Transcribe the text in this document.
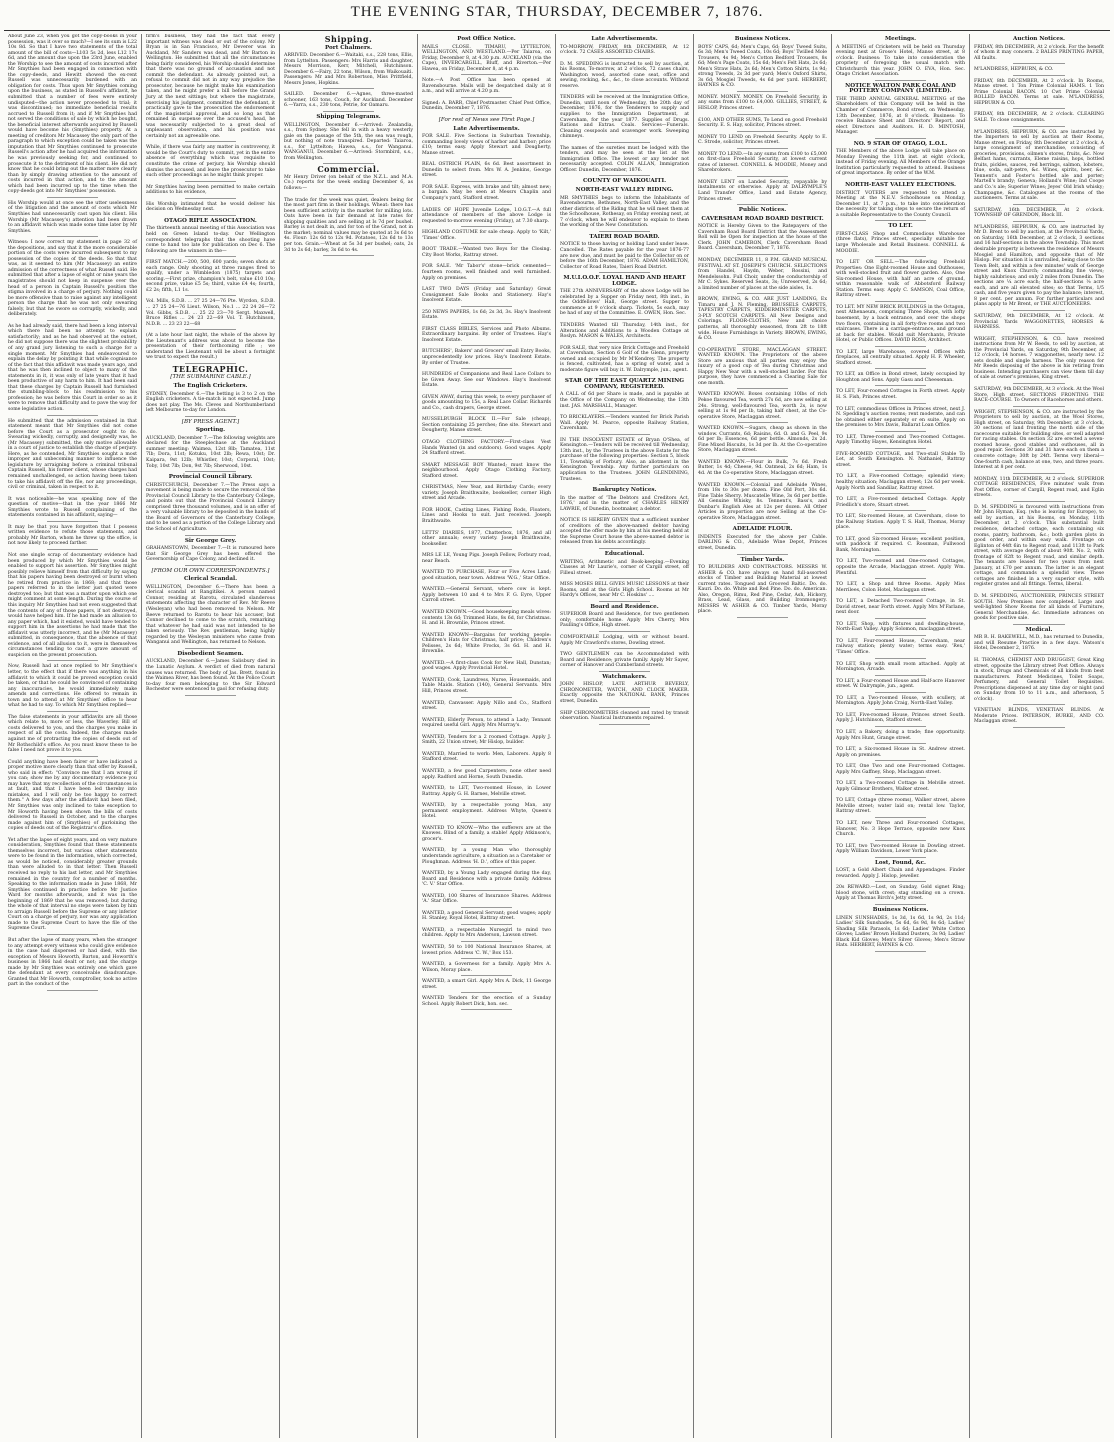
THE EVENING STAR, THURSDAY, DECEMBER 7, 1876.
About June 23, when you got the copy-books in your possession, was it over so much?—I see its sum is L22 10s 8d. So that I have two statements of the total amount of the bill of costs—L103 5s 2d, less L12 17s 6d, and the amount due upon the 23rd June, enabled the Worship to see the amount of costs incurred after Mr Smythies had been engaged in connection with the copy-deeds, and Hewitt showed the ex-rent Russell was unnecessarily burdened with an obligation for costs. Thus upon Mr Smythies coming upon the business, as stated in Russell's affidavit, he submitted that a number of fees were entirely undisputed—the action never proceeded to trial; it was discontinued; no immediate beneficial results accrued to Russell from it; and if Mr Smythies had not served the conditions of sale by which he bought, the beneficial interest afterwards acquired by Russell would have become his (Smythies) property. At a meeting of creditors Mr Macassey the only part of the paragraph to which exception could be taken was the imputation that Mr Smythies continued to prosecute Russell's action after he had acquired the information he was previously seeking for, and continued to prosecute it to the detriment of his client. He did not know that he could bring out the matter more clearly than by simply drawing attention to the amount of costs incurred in that action, and to the amount which had been incurred up to the time when the copy-deeds got into Mr Smythies' possession.
His Worship would at once see the utter uselessness of the litigation and the amount of costs which Mr Smythies had unnecessarily cast upon his client. His Worship (Mr Macassey's) attention had been drawn to an affidavit which was made some time later by Mr Smythies.
Witness: I now correct my statement in page 32 of the depositions, and say that it the more considerable portion of the costs were incurred subsequent to my possession of the copies of the deeds. So that that was, as it seemed to him (Mr Macassey) an entire admission of the correctness of what Russell said. He submitted that after a lapse of eight or nine years the magistrates should not keep in suspense over the head of a person in Captain Russell's position the stigma involved in a charge of perjury. Nothing could be more offensive than to raise against any intelligent person the charge that he was not only swearing falsely, but that he swore so corruptly, wickedly, and deliberately.
As he had already said, there had been a long interval which there had been no attempt to explain satisfactorily; and as he had observed at the outset, he did not suppose there was the slightest probability of any grand jury listening to such a charge for a single moment. Mr Smythies had endeavoured to explain the delay by pointing it that while cognisance of the fact that this affidavit was made years ago, and that he was then inclined to object to many of the statements in it, it was only of late years that it had been productive of any harm to him. It had been said that these charges by Captain Russell had furnished the stumbling-block to his readmission to his profession; he was before this Court in order so as it were to remove that difficulty and to pave the way for some legislative action.
He submitted that the admission contained in that statement meant that Mr Smythies did not come before the Court as a prosecutor ought to do. Swearing wickedly, corruptly, and designedly was, he (Mr Macassey) submitted, the only motive allowable in a court of justice to establish the charge of perjury. Here, as he contended, Mr Smythies sought a most improper and unbecoming manner to influence the legislature by arraigning before a criminal tribunal Captain Russell, his former client, whose charges had remained unchallenged, so action having been taken to take his affidavit off the file, nor any proceedings, civil or criminal, taken in respect to it.
It was noticeable—he was speaking now of the question of motive—that in the year 1866 Mr Smythies wrote to Russell complaining of the statements contained in his affidavit, saying—
It may be that you have forgotten that I possess written evidence to refute those statements, and probably Mr Barton, whom he threw up the office, is not now likely to proceed farther.
Not one single scrap of documentary evidence had been produced by which Mr Smythies would be enabled to support his assertion. Mr Smythies might possibly relieve himself from that difficulty by saying that his papers having been destroyed or burnt when he retired from practice in 1868; and that those papers referred to in the letter just quoted were destroyed too; but that was a matter upon which one might comment at some length. During the course of this inquiry Mr Smythies had not even suggested that the contents of any of those papers, if not destroyed, would have helped him. If he had made an allusion to any paper which, had it existed, would have tended to support him in the assertions he had made that the affidavit was utterly incorrect, and he (Mr Macassey) submitted, in consequence, that the absence of that evidence, and of all allusion to it, were in themselves circumstances tending to cast a grave amount of suspicion on the present prosecution.
Now, Russell had at once replied to Mr Smythies's letter, to the effect that if there was anything in his affidavit to which it could be proved exception could be taken, or that he could be convinced of containing any inaccuracies, he would immediately make amends and corrections. He offered to remain in town and to attend at Mr Smythies' office to hear what he had to say. To which Mr Smythies replied—
The false statements in your affidavits are all those which relate to, more or less, the Waverley. Bill of costs delivered to you, and the charges you make in respect of all the costs. Indeed, the charges made against me of protracting the copies of deeds out of Mr Rothschild's office. As you must know these to be false I need not prove it to you.
Could anything have been fairer or have indicated a proper motive more clearly than that offer by Russell, who said in effect: "Convince me that I am wrong if you can; show me by any documentary evidence you may have that my recollection of the circumstances is at fault, and that I have been led thereby into mistakes, and I will only be too happy to correct them." A few days after the affidavit had been filed, Mr Smythies was only inclined to take exception to Mr Howorth having been shown the bills of costs delivered to Russell in October, and to the charges made against him of (Smythies) of purloining the copies of deeds out of the Registrar's office.
Yet after the lapse of eight years, and on very mature consideration, Smythies found that these statements themselves incorrect, but various other statements were to be found in the information, which corrected, as would be noticed, considerably greater grounds than were alluded to in that letter. Then Russell received no reply to his last letter, and Mr Smythies remained in the country for a number of months. Speaking to the information made in June 1868, Mr Smythies continued in practice before Mr Justice Ward for months afterwards, and it was in the beginning of 1869 that he was removed; but during the whole of that interval no steps were taken by him to arraign Russell before the Supreme or any inferior Court on a charge of perjury, nor was any application made to the Supreme Court to have the file of the Supreme Court.
But after the lapse of many years, when the stranger to any attempt every witness who could give evidence in the case had dispersed or had died, with the exception of Messrs Howorth, Barton, and Howorth's business in 1866 had dealt or not; and the charge made by Mr Smythies was entirely one which gave the defendant at every conceivable disadvantage. Granted that Mr Howorth, comptroller, took no active part in the conduct of the
firm's business, they had the fact that every important witness was dead or out of the colony. Mr Bryan is in San Francisco, Mr Deverer was in Auckland, Mr Sanders was dead, and Mr Barton in Wellington. He submitted that all the circumstances being fairly considered, his Worship should determine that there was no ground of accusation and not commit the defendant. As already pointed out, a refusal to commit did not in any way prejudice the prosecutor, because he might make his examination taken, and he might prefer a bill before the Grand Jury at the next sittings; but where the magistrate, exercising his judgment, committed the defendant, it practically gave to the prosecution the endorsement of the magisterial approval, and so long as that remained in suspense over the accused's head, he was necessarily subjected to a great deal of unpleasant observation, and his position was certainly not an agreeable one.
While, if there was fairly any matter in controversy, it would be the Court's duty to commit, yet in the entire absence of everything which was requisite to constitute the crime of perjury, his Worship should dismiss the accused, and leave the prosecutor to take such other proceedings as he might think proper.
Mr Smythies having been permitted to make certain additions to his evidence,
His Worship intimated that he would deliver his decision on Wednesday next.
OTAGO RIFLE ASSOCIATION.
The thirteenth annual meeting of this Association was held on Green Island to-day. Our Wellington correspondent telegraphs that the shooting have come to hand too late for publication on Dec 6. The following are the winners in the—
FIRST MATCH.—200, 500, 600 yards; seven shots at each range. Only shooting at three ranges fired to qualify, under a Wimbledon (1875) targets and scoring.—First prize, champion's belt, value £10 10s; second prize, value £5 5s; third, value £4 4s; fourth, £2 2s; fifth, L1 1s.
Vol. Mills, S.D.B. ... 27 25 24—76 Pte. Wyrdon, S.D.B. ... 27 25 24—76 Lieut. Wilson, No.1 ... 22 24 26—72 Vol. Gibbs, S.D.B. ... 25 22 23—70 Sergt. Maxwell, Bruce Rifles ... 24 23 22—69 Vol. T. Hutchinson, N.D.B. ... 23 23 22—68
(At a late hour last night, the whole of the above by the Lieutenant's address was about to become the presentation of their forthcoming rifle ; we understand the Lieutenant will be about a fortnight we trust to expect the result.)
TELEGRAPHIC.
[THE SUBMARINE CABLE.]
The English Cricketers.
SYDNEY, December 6.—The betting is 3 to 2 on the English cricketers. A tie-match is not expected. Jump does not play. The Ms. Cleves and Northumberland left Melbourne to-day for London.
[BY PRESS AGENT.]
Sporting.
AUCKLAND, December 7.—The following weights are declared for the Steeplechase at the Auckland summer meeting: Waimea, 12st 8lb; Tamatea, 11st 7lb; Dora, 11st; Kotuku, 10st 2lb; Rewa, 10st; Dr. Kaipara, 9st 12lb; Whistler, 10st; Corporal, 10st; Toby, 10st 7lb; Don, 9st 7lb; Sherwood, 10st.
Provincial Council Library.
CHRISTCHURCH, December 7.—The Press says a movement is being made to secure the removal of the Provincial Council Library to the Canterbury College, and points out that the Provincial Council Library comprised three thousand volumes, and is an offer of a very valuable library to be deposited in the hands of the Board of Governors of the Canterbury College, and to be used as a portion of the College Library and the School of Agriculture.
Sir George Grey.
GRAHAMSTOWN, December 7.—It is rumoured here that Sir George Grey has been offered the Governorship of Cape Colony, and declined it.
[FROM OUR OWN CORRESPONDENTS.]
Clerical Scandal.
WELLINGTON, December 6.—There has been a clerical scandal at Rangitikei. A person named Connor, residing at Rarotu, circulated slanderous statements affecting the character of Rev. Mr Reeve (Wesleyan) who had been removed to Nelson. Mr Reeve returned to Rarotu to hear his accuser, but Connor declined to come to the scratch, remarking that whatever he had said was not intended to be taken seriously. The Rev. gentleman, being highly regarded by the Wesleyan ministers who came from Wanganui and Wellington, has returned to Nelson.
Disobedient Seamen.
AUCKLAND, December 6.—James Salisbury died in the Lunatic Asylum. A verdict of died from natural causes was returned. The body of Jas. Brett, found in the Waimea River, has been found. At the Police Court to-day four men belonging to the Sir Edward Rochester were sentenced to gaol for refusing duty.
Shipping.
Port Chalmers.
ARRIVED. December 6.—Waitaki, s.s., 228 tons, Ellis, from Lyttelton. Passengers: Mrs Harris and daughter, Messrs Morrison, Kerr, Mitchell, Hutchinson. December 6.—Fairy, 22 tons, Wilson, from Waikouaiti. Passengers: Mr and Mrs Robertson, Miss Prittfield, Messrs Jones, Hopkins.
SAILED. December 6.—Agnes, three-masted schooner, 163 tons, Couch, for Auckland. December 6.—Yarra, s.s., 230 tons, Petrie, for Oamaru.
Shipping Telegrams.
WELLINGTON, December 6.—Arrived: Zealandia, s.s., from Sydney. She fell in with a heavy westerly gale on the passage of the 5th, the sea was rough, but nothing of note transpired. Departed: Taiaroa, s.s., for Lyttelton; Hawea, s.s., for Wanganui. WANGANUI, December 6.—Arrived: Stormbird, s.s., from Wellington.
Commercial.
Mr Henry Driver (on behalf of the N.Z.L. and M.A. Co.) reports for the week ending December 6, as follows:—
The trade for the week was quiet, dealers being for the most part firm in their holdings. Wheat: there has been sufficient activity in the market for milling lots. Oats have been in fair demand at late rates for shipping qualities and are selling at Is 7d per bushel. Barley is not dealt in, and for ton of the Grand, not in the market; nominal values may be quoted at 3s 6d to 4s. Flour: 12s 6d to 12s 9d. Potatoes, 12s 6d to 13s per ton. Grain.—Wheat at 5s 3d per bushel; oats, 2s 3d to 2s 6d; barley, 3s 6d to 4s.
Post Office Notice.
MAILS CLOSE. TIMARU, LYTTELTON, WELLINGTON, AND WESTLAND.—Per Taiaroa, on Friday, December 8, at 4.30 p.m. AUCKLAND (via the Cape), INVERCARGILL, Bluff, and Riverton.—Per Hawea, on Friday, December 8, at 4 p.m.
Note.—A Post Office has been opened at Ravensbourne. Mails will be despatched daily at 8 a.m., and will arrive at 4.20 p.m.
Signed: A. BARR, Chief Postmaster. Chief Post Office, Dunedin, December 7, 1876.
[For rest of News see First Page.]
Late Advertisements.
FOR SALE. Five Sections in Suburban Township, commanding lovely views of harbor and harbor; price £10; terms easy. Apply Stewart and Dougherty, Manse street.
REAL OSTRICH PLAIN, 6s 6d. Best assortment in Dunedin to select from. Mrs W. A. Jenkins, George street.
FOR SALE. Express, with brake and tilt; almost new; a bargain. May be seen at Messrs Chaplin and Company's yard, Stafford street.
LADIES OF HOPE Juvenile Lodge, I.O.G.T.—A full attendance of members of the above Lodge is requested to-morrow evening (Friday), at 7.30 sharp.
HIGHLAND COSTUME for sale cheap. Apply to 'Kilt,' 'Times' Office.
BOOT TRADE.—Wanted two Boys for the Closing. City Boot Works, Rattray street.
FOR SALE. 'Mr Tabor's' stone—brick cemented—fourteen rooms, well finished and well furnished. Apply on premises.
LAST TWO DAYS (Friday and Saturday) Great Consignment Sale Books and Stationery. Hay's Insolvent Estate.
250 NEWS PAPERS, 1s 6d; 2s 3d, 3s. Hay's Insolvent Estate.
FIRST CLASS BIBLES, Services and Photo Albums. Extraordinary bargains. By order of Trustees. Hay's Insolvent Estate.
BUTCHERS', Bakers' and Grocers' small Entry Books, unprecedentedly low prices. Hay's Insolvent Estate. By order of Trustee.
HUNDREDS of Companions and Real Lace Collars to be Given Away. See our Windows. Hay's Insolvent Estate.
GIVEN AWAY, during this week, to every purchaser of goods amounting to 15s, a Real Lace Collar. Richards and Co., cash drapers, George street.
MUSSELBURGH BLOCK II.—For Sale (cheap), Section containing 25 perches; fine site. Stewart and Dougherty, Manse street.
OTAGO CLOTHING FACTORY.—First-class Vest Hands Wanted (in and outdoors). Good wages. Apply 24 Stafford street.
SMART MESSAGE BOY Wanted; must know the neighbourhood. Apply Otago Clothing Factory, Stafford street.
CHRISTMAS, New Year, and Birthday Cards; every variety. Joseph Braithwaite, bookseller, corner High street and Arcade.
FOR HOOK, Casting Lines, Fishing Rods, Floaters, Lines and Hooks to suit. Just received. Joseph Braithwaite.
LETTS' DIARIES, 1877, Chatterbox, 1876, and all other annuals; every variety. Joseph Braithwaite, bookseller.
MRS LE LE, Young Pigs. Joseph Fellow, Forbury road, near Beach.
WANTED TO PURCHASE, Four or Five Acres Land; good situation, near town. Address 'W.G.,' Star Office.
WANTED.—General Servant, where cow is kept. Apply between 10 and 4 to Mrs F. G. Eyre, Upper Carroll street.
WANTED KNOWN.—Good housekeeping meals wives: contents 13s 6d; Trimmed Hats, 8s 6d, for Christmas. H. and H. Brownlie, Princes street.
WANTED KNOWN—Bargains for working people: Children's Hats for Christmas, half price; Children's Pelisses, 2s 6d; White Frocks, 3s 6d. H. and H. Brownlie.
WANTED.—A first-class Cook for New Hall, Dunstan; good wages. Apply Provincial Hotel.
WANTED, Cook, Laundress, Nurse, Housemaids, and Table Maids. Station (140), General Servants. Mrs Hill, Princes street.
WANTED, Canvasser. Apply Nillo and Co., Stafford street.
WANTED, Elderly Person, to attend a Lady; Tennant required useful Girl. Apply Mrs Murray's.
WANTED, Tenders for a 2 roomed Cottage. Apply J. Smith, 22 Union street; Mr Hislop, builder.
WANTED, Married to work: Men, Laborers. Apply 8 Stafford street.
WANTED, a few good Carpenters; none other need apply. Radford and Horne, South Dunedin.
WANTED, to LET, Two-roomed House, in Lower Rattray. Apply G. H. Barnes, Melville street.
WANTED, by a respectable young Man, any permanent employment. Address Whyte, Queen's Hotel.
WANTED TO KNOW.—Who the sufferers are at the Knowes. Blind of a family, a stable! Apply Atkinson's, grocer's.
WANTED, by a young Man who thoroughly understands agriculture, a situation as a Caretaker or Ploughman. Address 'H. D.', office of this paper.
WANTED, by a Young Lady engaged during the day, Board and Residence with a private family. Address 'C. V.' Star Office.
WANTED, 100 Shares of Insurance Shares. Address 'A.' Star Office.
WANTED, a good General Servant; good wages; apply H. Stanley, Royal Hotel, Rattray street.
WANTED, a respectable Nursegirl to mind two children. Apply to Mrs Anderson, Lawson street.
WANTED, 50 to 100 National Insurance Shares, at lowest price. Address 'C. W.,' Box 153.
WANTED, a Governess for a family. Apply Mrs A. Wilson, Moray place.
WANTED, a smart Girl. Apply Mrs A. Dick, 11 George street.
WANTED Tenders for the erection of a Sunday School. Apply Robert Dick, hon. sec.
Late Advertisements.
TO-MORROW, FRIDAY, 8th DECEMBER, At 12 o'clock. 72 CASES ASSORTED CHAIRS.
D. M. SPEDDING is instructed to sell by auction, at his Rooms, To-morrow, at 2 o'clock, 72 cases chairs, Washington wood, assorted cane seat, office and sewing, rocking, &c., &c., to close accounts. Without reserve.
TENDERS will be received at the Immigration Office, Dunedin, until noon of Wednesday, the 20th day of December, 1876, for the Tenderers to supply and supplies to the Immigration Department, at Caversham, for the year 1877. Supplies of Drugs. Rations and Extras. Coals. Services—Funerals. Cleaning cesspools and scavenger work. Sweeping chimneys.
The names of the sureties must be lodged with the tenders, and may be seen at the list at the Immigration Office. The lowest or any tender not necessarily accepted. COLIN ALLAN, Immigration Officer. Dunedin, December, 1876.
COUNTY OF WAIKOUAITI.
NORTH-EAST VALLEY RIDING.
MR SMYTHIES begs to inform the Inhabitants of Ravensbourne, Bethunes, North-East Valley, and the other districts of the Riding that he will meet them at the Schoolhouse, Rothesay, on Friday evening next, at 7 o'clock, when he will endeavor to explain to them the working of the New Constitution.
TAIERI ROAD BOARD.
NOTICE to those having or holding Land under lease. Cancelled. The Rates payable for the year 1876-77 are now due, and must be paid to the Collector on or before the 16th December, 1876. ADAM HAMILTON, Collector of Road Rates, Taieri Road District.
M.U.I.O.O.F. LOYAL HAND AND HEART LODGE.
THE 27th ANNIVERSARY of the above Lodge will be celebrated by a Supper on Friday next, 8th inst., in the Oddfellows' Hall, George street. Supper to commence at 9 o'clock sharp. Tickets, 5s each, may be had of any of the Committee. E. OWEN, Hon. Sec.
TENDERS Wanted till Thursday, 14th inst., for Alterations and Additions to a Wooden Cottage at Roslyn. MASON & WALES, Architects.
FOR SALE, that very nice Brick Cottage and Freehold at Caversham, Section 6 Golf of the Glenn, property owned and occupied by Mr M'Kendrey. The property is fenced, cultivated, has a spring of water, and a moderate figure will buy it. W. Dalrymple, jun., agent.
STAR OF THE EAST QUARTZ MINING COMPANY, REGISTERED.
A CALL of 6d per Share is made, and is payable at the Office of the Company on Wednesday, the 13th inst. JAS. MARSHALL, Manager.
TO BRICKLAYERS.—Tenders wanted for Brick Parish Wall. Apply M. Pearce, opposite Railway Station, Caversham.
IN THE INSOLVENT ESTATE of Bryan O'Shea, of Kensington.—Tenders will be received till Wednesday, 13th inst., by the Trustees in the above Estate for the purchase of the following properties: Section 5, block 11, Township of Forbury. Also, an allotment in the Kensington Township. Any further particulars on application to the Trustees. JOHN GLENDINING, Trustees.
Bankruptcy Notices.
In the matter of 'The Debtors and Creditors Act, 1876,' and in the matter of CHARLES HENRY LAWRIE, of Dunedin, bootmaker, a debtor.
NOTICE IS HEREBY GIVEN that a sufficient number of creditors of the above-named debtor having accepted the offer made by him at his meeting held at the Supreme Court house the above-named debtor is released from his debts accordingly.
Educational.
WRITING, Arithmetic and Book-keeping.—Evening Classes at Mr Laurie's, corner of Cargill street, off Filleul street.
MISS MOSES BELL GIVES MUSIC LESSONS at their Rooms, and at the Girls High School. Rooms at Mr Hardy's Offices, near Mr C. Hoskins' ....
Board and Residence.
SUPERIOR Board and Residence, for two gentlemen only; comfortable home. Apply Mrs Cherry, Mrs Paulling's Office, High street.
COMFORTABLE Lodging, with or without board. Apply Mr Crawford's stores, Dowling street.
TWO GENTLEMEN can be Accommodated with Board and Residence; private family. Apply Mr Sayer, corner of Hanover and Cumberland streets.
Watchmakers.
JOHN HISLOP, LATE ARTHUR BEVERLY, CHRONOMETER, WATCH, AND CLOCK MAKER. Exactly opposite the NATIONAL BANK, Princes street, Dunedin.
SHIP CHRONOMETERS cleaned and rated by transit observation. Nautical Instruments repaired.
Business Notices.
BOYS' CAPS, 6d; Men's Caps, 6d; Boys' Tweed Suits, 6s 3d; Men's Tweed Coats, 10s 6d; Boys' Twilled Mole Trousers, 4s 9d; Men's Cotton Bedford Trousers, 8s 6d; Men's Page Coats, 15s 6d; Men's Felt Hats, 2s 6d; Men's Straw Hats, 2s 6d; Men's Cotton Shirts, 1s 9d; strong Tweeds, 2s 3d per yard; Men's Oxford Shirts, 3s 6d; Mosgiel Tweeds, 4s 6d per yard. HERBERT, HAYNES & CO.
MONEY. MONEY. MONEY. On Freehold Security, in any sums from £100 to £4,000. GILLIES, STREET, & HISLOP, Princes street.
£100, AND OTHER SUMS, To Lend on good Freehold Security. E. S. Hay, solicitor, Princes street.
MONEY TO LEND on Freehold Security. Apply to E. C. Strode, solicitor, Princes street.
MONEY TO LEND.—In any sums from £100 to £5,000 on first-class Freehold Security, at lowest current rates of interest. CONNELL & MOODIE, Money and Sharebrokers.
MONEY LENT on Landed Security, repayable by instalments or otherwise. Apply at DALRYMPLE'S Land Transfer Office, Land and Estate Agency, Princes street.
Public Notices.
CAVERSHAM ROAD BOARD DISTRICT.
NOTICE is Hereby Given to the Ratepayers of the Caversham Road Board District that the Assessment Roll will be Open for inspection at the house of the Clerk. JOHN CAMERON, Clerk Caversham Road Board. Caversham, December 7, 1876.
MONDAY, DECEMBER 11, 8 P.M. GRAND MUSICAL FESTIVAL AT ST. JOSEPH'S CHURCH. SELECTIONS from Handel, Haydn, Weber, Rossini, and Mendelssohn. Full Choir, under the conductorship of Mr C. Sykes. Reserved Seats, 3s; Unreserved, 2s 6d; a limited number of places at the side aisles, 1s.
BROWN, EWING, & CO. ARE JUST LANDING, Ex Timaru and J. N. Fleming, BRUSSELS CARPETS, TAPESTRY CARPETS, KIDDERMINSTER CARPETS, 3-PLY SCOTCH CARPETS. All New Designs and Colorings. FLOOR-CLOTHS, New and choice patterns, all thoroughly seasoned, from 2ft to 18ft wide. House Furnishings in Variety. BROWN, EWING, & CO.
CO-OPERATIVE STORE, MACLAGGAN STREET. WANTED KNOWN. The Proprietors of the above Store are anxious that all parties may enjoy the luxury of a good cup of Tea during Christmas and Happy New Year with a well-stocked larder. For this purpose, they have commenced a Clearing Sale for one month.
WANTED KNOWN. Boxes containing 10lbs of rich Pekoe flavoured Tea, worth 27s 6d, are now selling at 24s. Strong, well-flavoured Tea, worth 2s, is now selling at 1s 9d per lb, taking half chest, at the Co-operative Store, Maclaggan street.
WANTED KNOWN.—Sugars, cheap as shown in the window. Currants, 6d; Raisins, 6d. O. and G. Peel, 9s 6d per lb; Essences, 6d per bottle. Almonds, 2s 2d. Fine Mixed Biscuits, 1s 3d per lb. At the Co-operative Store, Maclaggan street.
WANTED KNOWN.—Flour in Bulk, 7s 6d. Fresh Butter, 1s 4d; Cheese, 9d. Oatmeal, 2s 6d; Ham, 1s 4d. At the Co-operative Store, Maclaggan street.
WANTED KNOWN.—Colonial and Adelaide Wines, from 18s to 30s per dozen. Fine Old Port, 30s 6d. Fine Table Sherry. Muscatelle Wine, 3s 6d per bottle. All Genuine Whisky, 8s. Tennent's, Bass's, and Dunbar's English Ales at 12s per dozen. All Other Articles in proportion are now Selling at the Co-operative Store, Maclaggan street.
ADELAIDE FLOUR.
INDENTS Executed for the above per Cable. DARLING & CO., Adelaide Wine Depot, Princes street, Dunedin.
Timber Yards.
TO BUILDERS AND CONTRACTORS. MESSRS W. ASHER & CO. have always on hand full-assorted stocks of Timber and Building Material at lowest current rates. Tongued and Grooved Baltic. Do. do. Kauri. Do. do. White and Red Pine. Do. do. American. Also, Oregon, Rimu, Red Pine, Cedar, Ash, Hickory, Brass, Lead, Glass, and Building Ironmongery. MESSRS W. ASHER & CO. Timber Yards, Moray place.
Meetings.
A MEETING of Cricketers will be held on Thursday evening next at Grose's Hotel, Manse street, at 8 o'clock. Business: To take into consideration the propriety of foregoing the usual match with Christchurch this year. JOHN O. EVA, Hon. Sec. Otago Cricket Association.
NOTICE WALTON PARK COAL AND POTTERY COMPANY (LIMITED).
THE THIRD ANNUAL GENERAL MEETING of the Shareholders of this Company will be held in the Chamber of Commerce, Bond street, on Wednesday, 13th December, 1876, at 8 o'clock. Business: To receive Balance Sheet and Directors' Report, and elect Directors and Auditors. H. D. MINTOSH, Manager.
NO. 9 STAR OF OTAGO, L.O.L.
THE Members of the above Lodge will take place on Monday Evening the 11th inst. at eight o'clock, instead of Friday evening. All Members of the Orange Institution particularly requested to attend. Business of great importance. By order of the W.M.
NORTH-EAST VALLEY ELECTIONS.
DISTRICT VOTERS are requested to attend a Meeting at the N.E.V. Schoolhouse on Monday, December 11, at 7 p.m., to take into consideration the necessity for taking steps to secure the return of a suitable Representative to the County Council.
TO LET.
FIRST-CLASS Shop and Commodious Warehouse (three flats), Princes street, specially suitable for large Wholesale and Retail Business. CONNELL & MOODIE.
TO LET OR SELL.—The following Freehold Properties: One Eight-roomed House and Outhouses, with well-stocked fruit and flower garden. Also, One Six-roomed House, with half an acre of ground, within reasonable walk of Abbotsford Railway Station. Terms easy. Apply C. SAMSON, Coal Office, Rattray street.
TO LET. MY NEW BRICK BUILDINGS in the Octagon, next Athenaeum, comprising Three Shops, with lofty basement, by a back entrance, and over the shops two floors, containing in all forty-five rooms and two staircases. There is a carriage-entrance, and ground at back for stables. Would suit Merchants, Private Hotel, or Public Offices. DAVID ROSS, Architect.
TO LET, large Warehouse, covered Offices with fireplaces, all centrally situated. Apply H. F. Wheeler, Stafford street.
TO LET, an Office in Bond street, lately occupied by Houghton and Sons. Apply Gasu and Cheeseman.
TO LET, Four-roomed Cottages in Forth street. Apply H. S. Fish, Princes street.
TO LET, commodious Offices in Princes street, next J. N. Spedding's auction rooms; rent moderate, and can be obtained either separately or en suite. Apply on the premises to Mrs Davis, Ballarat Loan Office.
TO LET, Three-roomed and Two-roomed Cottages. Apply Timothy Hayes, Kensington Hotel.
FIVE-ROOMED COTTAGE, and Two-stall Stable To Let, at South Kensington. N. Nathaniel, Rattray street.
TO LET, a Five-roomed Cottage; splendid view; healthy situation; Maclaggan street; 12s 6d per week. Apply North and Sandilar, Rattray street.
TO LET, a Five-roomed detached Cottage. Apply Friedlich's store, Stuart street.
TO LET, Six-roomed House, at Caversham, close to the Railway Station. Apply T. S. Hall, Thomas, Moray place.
TO LET, good Six-roomed House; excellent position, with paddock if required. C. Rossman, Fullwood Bank, Mornington.
TO LET, Two-roomed and One-roomed Cottages, opposite the Arcade, Maclaggan street. Apply Wm. Plentiful.
TO LET, a Shop and three Rooms. Apply Miss Merrilees, Colon Hotel, Maclaggan street.
TO LET, a Detached Two-roomed Cottage, in St. David street, near Forth street. Apply Mrs M'Farlane, next door.
TO LET, Shop, with fixtures and dwelling-house, North-East Valley. Apply Solomon, maclaggan street.
TO LET, Four-roomed House, Caversham, near railway station; plenty water; terms easy. 'Rex,' 'Times' Office.
TO LET, Shop with small room attached. Apply at Mornington, Arcade.
TO LET, a Four-roomed House and Half-acre Hanover street. W. Dalrymple, jun., agent.
TO LET, a Two-roomed House, with scullery, at Mornington. Apply John Craig, North-East Valley.
TO LET, Five-roomed House, Princes street South. Apply J. Hutchinson, Stafford street.
TO LET, a Bakery, doing a trade; fine opportunity. Apply Mrs Hunt, Grange street.
TO LET, a Six-roomed House in St. Andrew street. Apply on premises.
TO LET, One Two and one Four-roomed Cottages. Apply Mrs Gaffney, Shop, Maclaggan street.
TO LET, a Two-roomed Cottage in Melville street. Apply Gilmour Brothers, Walker street.
TO LET, Cottage (three rooms), Walker street, above Melville street; water laid on; rental low. Taylor, Rattray street.
TO LET, new Three and Four-roomed Cottages, Hanover, No. 3 Hope Terrace, opposite new Knox Church.
TO LET, two Two-roomed House in Dowling street. Apply William Davidson, Lower York place.
Lost, Found, &c.
LOST, a Gold Albert Chain and Appendages. Finder rewarded. Apply J. Hislop, jeweller.
20s REWARD.—Lost, on Sunday, Gold signet Ring; blood stone, with crest; stag standing on a crown. Apply at Thomas Birch's Jetty street.
Business Notices.
LINEN SUNSHADES, 1s 3d, 1s 6d, 1s 9d, 2s 11d; Ladies' Silk Sunshades, 5s 6d, 6s 9d, 8s 6d; Ladies' Shading Silk Parasols, 1s 6d; Ladies' White Cotton Gloves; Ladies' Brown Holland Dusters, 3s 9d; Ladies' Black Kid Gloves; Men's Silver Gloves; Men's Straw Hats. HERBERT, HAYNES & CO.
Auction Notices.
FRIDAY, 8th DECEMBER, At 2 o'clock. For the benefit of whom it may concern. 2 BALES PRINTING PAPER, All faults.
M'LANDRESS, HEPBURN, & CO.
FRIDAY, 8th DECEMBER, At 2 o'clock. In Rooms, Manse street. 1 Ton Prime Colonial HAMS. 1 Ton Prime Colonial BACON. 10 Cwt Prime Colonial ROLLED BACON. Terms at sale. M'LANDRESS, HEPBURN & CO.
FRIDAY, 8th DECEMBER, At 2 o'clock. CLEARING SALE. To close consignments.
M'LANDRESS, HEPBURN, & CO. are instructed by the Importers to sell by auction at their Rooms, Manse street, on Friday, 8th December at 2 o'clock, A large consignment of merchandise, consisting of groceries, provisions, oilmen's stores, fruits, &c. Now Belfast hams, currants, Eleme raisins, hops, bottled fruits, pickles, sauces, red herrings, salmon, lobsters, blue, soda, salt-petre, &c. Wines, spirits, beer, &c. Tennent's and Foster's bottled ale and porter; Martell's brandy; Geneva; Holland's Wine; Ind Coope and Co.'s ale; Superior Wines; Jeyes' Old Irish whisky; Champagne, &c. Catalogues at the rooms of the auctioneers. Terms at sale.
SATURDAY, 16th DECEMBER, At 2 o'clock. TOWNSHIP OF GRENDON, Block III.
M'LANDRESS, HEPBURN, & CO. are instructed by Mr D. Brent to sell by auction, at the Provincial Yards, on Saturday, 16th December, at 2 o'clock, 3 sections and 16 half-sections in the above Township. This most desirable property is between the residence of Messrs Mosgiel and Hamilton, and opposite that of Mr Hislop. For situation it is unrivalled, being close to the Town Belt, and within a few minutes' walk of George street and Knox Church; commanding fine views; highly salubrious; and only 2 miles from Dunedin. The sections are ¼ acre each; the half-sections ⅛ acre each, and are all elevated sites; so that Terms, 1/5 cash, and five years given to pay the balance; interest, 8 per cent. per annum. For further particulars and plans apply to Mr Brent, or THE AUCTIONEERS.
SATURDAY, 9th DECEMBER, At 12 o'clock. At Provincial Yards WAGGONETTES, HORSES & HARNESS.
WRIGHT, STEPHENSON, & CO. have received instructions from Mr W. Reeds, to sell by auction, at the Provincial Yards, on Saturday, 9th December, at 12 o'clock, 14 horses. 7 waggonettes, nearly new. 12 sets double and single harness. The only reason for Mr Reeds disposing of the above is his retiring from business. Intending purchasers can view them till day of sale at owner's premises, King street.
SATURDAY, 9th DECEMBER, At 3 o'clock. At the Wool Store, High street. SECTIONS FRONTING THE RACE-COURSE. To Owners of Racehorses and others.
WRIGHT, STEPHENSON, & CO. are instructed by the Proprietors to sell by auction, at the Wool Stores, High street, on Saturday, 9th December, at 3 o'clock, 30 sections of land fronting the north side of the racecourse suitable for building sites, or well adapted for racing stables. On section 32 are erected a seven-roomed house, good stables and outhouses, all in good repair. Sections 30 and 31 have each on them a concrete cottage; 30ft by 24ft. Terms very liberal—One-fourth cash, balance at one, two, and three years. Interest at 8 per cent.
MONDAY, 11th DECEMBER, At 2 o'clock. SUPERIOR COTTAGE RESIDENCES, Five minutes' walk from Post Office, corner of Cargill, Regent road, and Eglin streets.
D. M. SPEDDING is favoured with instructions from Mr John Hyman, Esq. (who is leaving for Europe), to sell by auction, at his Rooms, on Monday, 11th December, at 2 o'clock. This substantial built residence, detached cottage, each containing six rooms, pantry, bathroom, &c.; both garden plots in good order, and within easy walk. Frontage on Eglinton of 44ft 6in to Regent road, and 113ft to Park street, with average depth of about 90ft. No. 2, with frontage of 82ft to Regent road, and similar depth. The tenants are leased for two years from next January, at £70 per annum. The latter is an elegant cottage, and commands a splendid view. These cottages are finished in a very superior style, with register grates and all fittings. Terms, liberal.
D. M. SPEDDING, AUCTIONEER, PRINCES STREET SOUTH. New Premises now completed. Large and well-lighted Show Rooms for all kinds of Furniture, General Merchandise, &c. Immediate advances on goods for positive sale.
Medical.
MR R. H. BAKEWELL, M.D., has returned to Dunedin, and will Resume Practice in a few days. Watson's Hotel, December 2, 1876.
H. THOMAS, CHEMIST AND DRUGGIST, Great King street, opposite the Library street Post Office. Always in stock, Drugs and Chemicals of all kinds from best manufacturers. Patent Medicines, Toilet Soaps, Perfumery, and General Toilet Requisites. Prescriptions dispensed at any time day or night (and on Sunday from 10 to 11 a.m., and afternoon, 5 o'clock).
VENETIAN BLINDS, VENETIAN BLINDS. At Moderate Prices. PATERSON, BURKE, AND CO. Maclaggan street.
